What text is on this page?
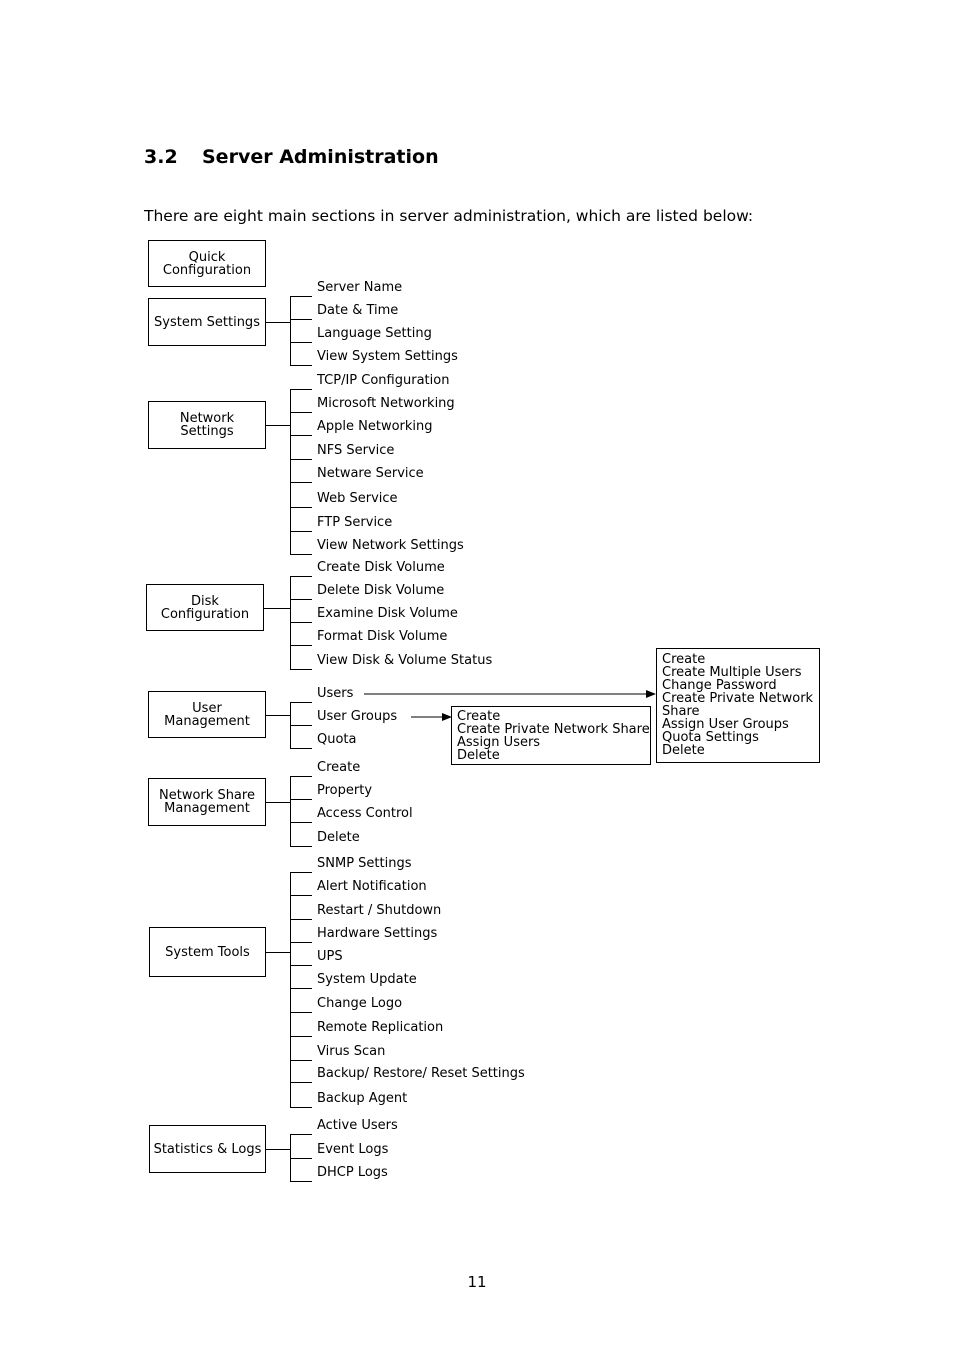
3.2 Server Administration
There are eight main sections in server administration, which are listed below:
Quick
Configuration
System Settings
Server Name
Date & Time
Language Setting
View System Settings
Network
Settings
TCP/IP Configuration
Microsoft Networking
Apple Networking
NFS Service
Netware Service
Web Service
FTP Service
View Network Settings
Disk
Configuration
Create Disk Volume
Delete Disk Volume
Examine Disk Volume
Format Disk Volume
View Disk & Volume Status
User
Management
Users
User Groups
Quota
Network Share
Management
Create
Property
Access Control
Delete
System Tools
SNMP Settings
Alert Notification
Restart / Shutdown
Hardware Settings
UPS
System Update
Change Logo
Remote Replication
Virus Scan
Backup/ Restore/ Reset Settings
Backup Agent
Statistics & Logs
Active Users
Event Logs
DHCP Logs
Create
Create Private Network Share
Assign Users
Delete
Create
Create Multiple Users
Change Password
Create Private Network
Share
Assign User Groups
Quota Settings
Delete
11
